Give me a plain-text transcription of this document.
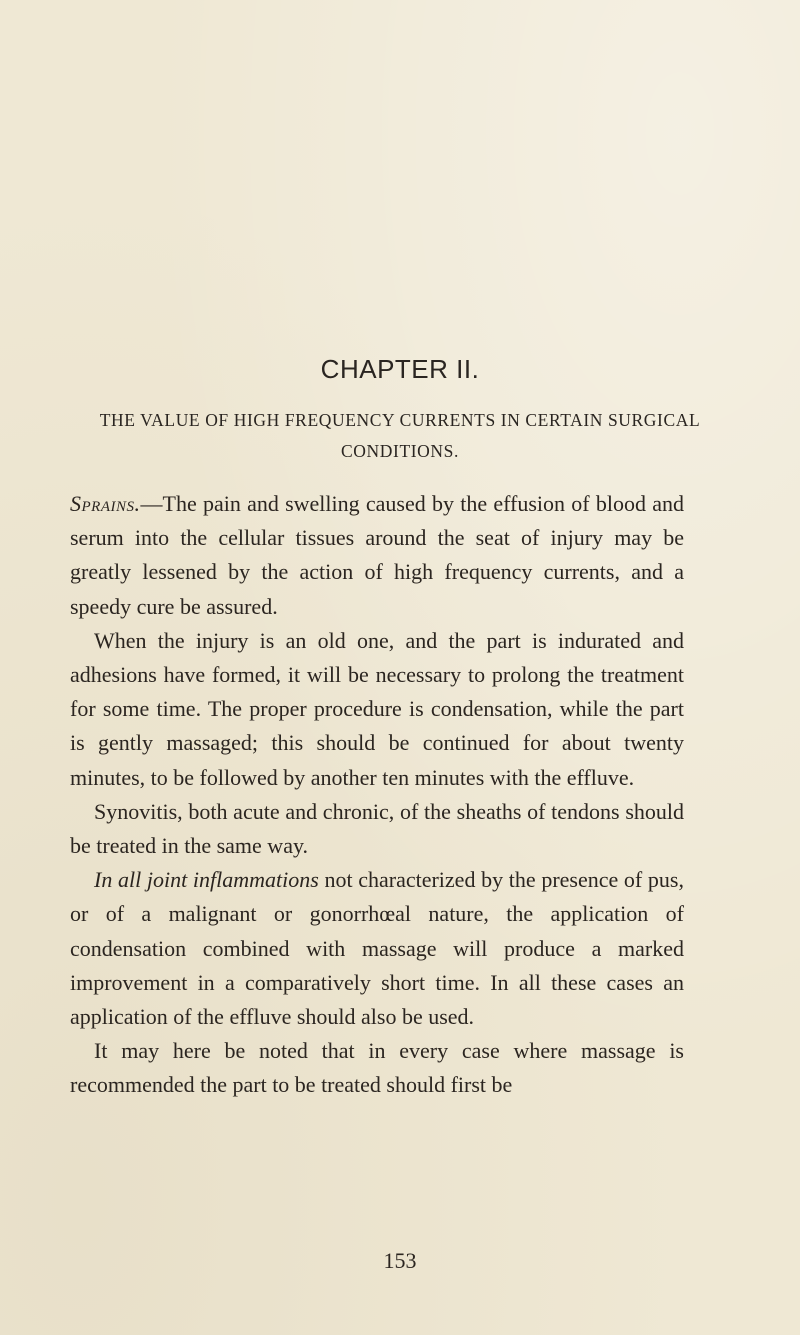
CHAPTER II.
THE VALUE OF HIGH FREQUENCY CURRENTS IN CERTAIN SURGICAL CONDITIONS.

Sprains.—The pain and swelling caused by the effusion of blood and serum into the cellular tissues around the seat of injury may be greatly lessened by the action of high frequency currents, and a speedy cure be assured.

When the injury is an old one, and the part is indurated and adhesions have formed, it will be necessary to prolong the treatment for some time. The proper procedure is condensation, while the part is gently massaged; this should be continued for about twenty minutes, to be followed by another ten minutes with the effluve.

Synovitis, both acute and chronic, of the sheaths of tendons should be treated in the same way.

In all joint inflammations not characterized by the presence of pus, or of a malignant or gonorrhœal nature, the application of condensation combined with massage will produce a marked improvement in a comparatively short time. In all these cases an application of the effluve should also be used.

It may here be noted that in every case where massage is recommended the part to be treated should first be

153
